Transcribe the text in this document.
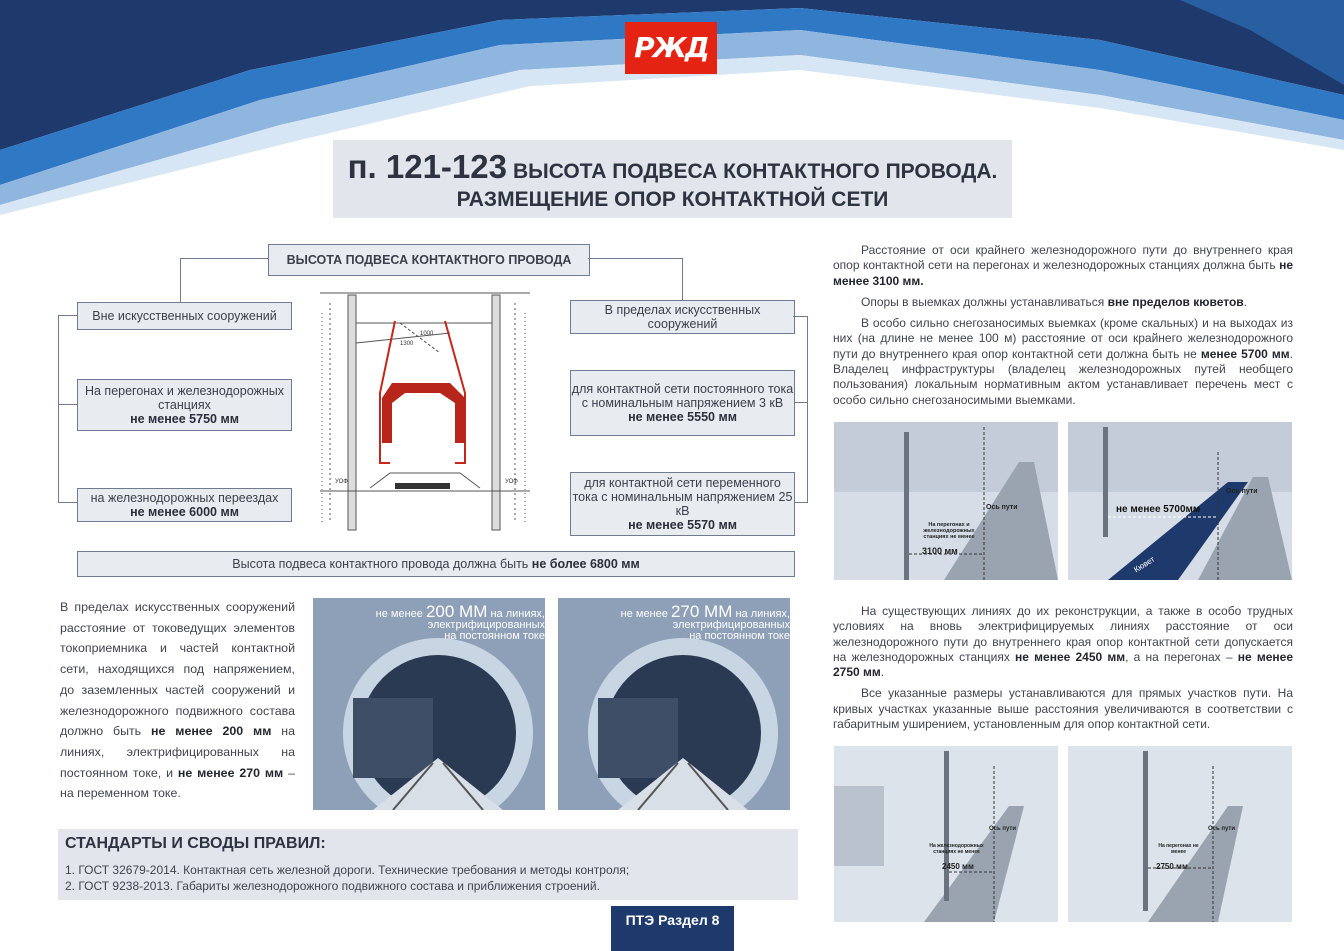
РЖД
п. 121-123 ВЫСОТА ПОДВЕСА КОНТАКТНОГО ПРОВОДА.
РАЗМЕЩЕНИЕ ОПОР КОНТАКТНОЙ СЕТИ
ВЫСОТА ПОДВЕСА КОНТАКТНОГО ПРОВОДА
Вне искусственных сооружений
На перегонах и железнодорожных станциях
не менее 5750 мм
на железнодорожных переездах
не менее 6000 мм
В пределах искусственных сооружений
для контактной сети постоянного тока с номинальным напряжением 3 кВ
не менее 5550 мм
для контактной сети переменного тока с номинальным напряжением 25 кВ
не менее 5570 мм
Высота подвеса контактного провода должна быть не более 6800 мм
1000
1300
УОФ	УОФ
В пределах искусственных сооружений расстояние от токоведущих элементов токоприемника и частей контактной сети, находящихся под напряжением, до заземленных частей сооружений и железнодорожного подвижного состава должно быть не менее 200 мм на линиях, электрифицированных на постоянном токе, и не менее 270 мм – на переменном токе.
не менее 200 ММ на линиях,
электрифицированных
на постоянном токе
не менее 270 ММ на линиях,
электрифицированных
на постоянном токе
СТАНДАРТЫ И СВОДЫ ПРАВИЛ:
1. ГОСТ 32679-2014. Контактная сеть железной дороги. Технические требования и методы контроля;
2. ГОСТ 9238-2013. Габариты железнодорожного подвижного состава и приближения строений.
ПТЭ Раздел 8

Расстояние от оси крайнего железнодорожного пути до внутреннего края опор контактной сети на перегонах и железнодорожных станциях должна быть не менее 3100 мм.

Опоры в выемках должны устанавливаться вне пределов кюветов.

В особо сильно снегозаносимых выемках (кроме скальных) и на выходах из них (на длине не менее 100 м) расстояние от оси крайнего железнодорожного пути до внутреннего края опор контактной сети должна быть не менее 5700 мм. Владелец инфраструктуры (владелец железнодорожных путей необщего пользования) локальным нормативным актом устанавливает перечень мест с особо сильно снегозаносимыми выемками.

Ось пути
На перегонах и железнодорожных станциях не менее
3100 мм
Ось пути
не менее 5700мм
Кювет

На существующих линиях до их реконструкции, а также в особо трудных условиях на вновь электрифицируемых линиях расстояние от оси железнодорожного пути до внутреннего края опор контактной сети допускается на железнодорожных станциях не менее 2450 мм, а на перегонах – не менее 2750 мм.

Все указанные размеры устанавливаются для прямых участков пути. На кривых участках указанные выше расстояния увеличиваются в соответствии с габаритным уширением, установленным для опор контактной сети.

Ось пути
На железнодорожных станциях не менее
2450 мм
Ось пути
На перегонах не менее
2750 мм
